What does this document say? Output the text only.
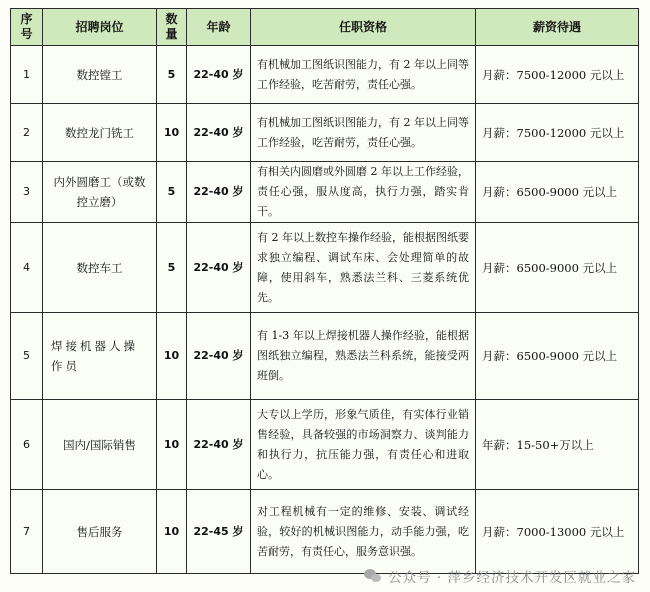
序号	招聘岗位	数量	年龄	任职资格	薪资待遇
1	数控镗工	5	22-40 岁	有机械加工图纸识图能力，有 2 年以上同等工作经验，吃苦耐劳，责任心强。	月薪：7500-12000 元以上
2	数控龙门铣工	10	22-40 岁	有机械加工图纸识图能力，有 2 年以上同等工作经验，吃苦耐劳，责任心强。	月薪：7500-12000 元以上
3	内外圆磨工（或数控立磨）	5	22-40 岁	有相关内圆磨或外圆磨 2 年以上工作经验，责任心强，服从度高，执行力强，踏实肯干。	月薪：6500-9000 元以上
4	数控车工	5	22-40 岁	有 2 年以上数控车操作经验，能根据图纸要求独立编程、调试车床、会处理简单的故障，使用斜车，熟悉法兰科、三菱系统优先。	月薪：6500-9000 元以上
5	焊接机器人操作员	10	22-40 岁	有 1-3 年以上焊接机器人操作经验，能根据图纸独立编程，熟悉法兰科系统，能接受两班倒。	月薪：6500-9000 元以上
6	国内/国际销售	10	22-40 岁	大专以上学历，形象气质佳，有实体行业销售经验，具备较强的市场洞察力、谈判能力和执行力，抗压能力强，有责任心和进取心。	年薪：15-50+万以上
7	售后服务	10	22-45 岁	对工程机械有一定的维修、安装、调试经验，较好的机械识图能力，动手能力强，吃苦耐劳，有责任心，服务意识强。	月薪：7000-13000 元以上
公众号 · 萍乡经济技术开发区就业之家
